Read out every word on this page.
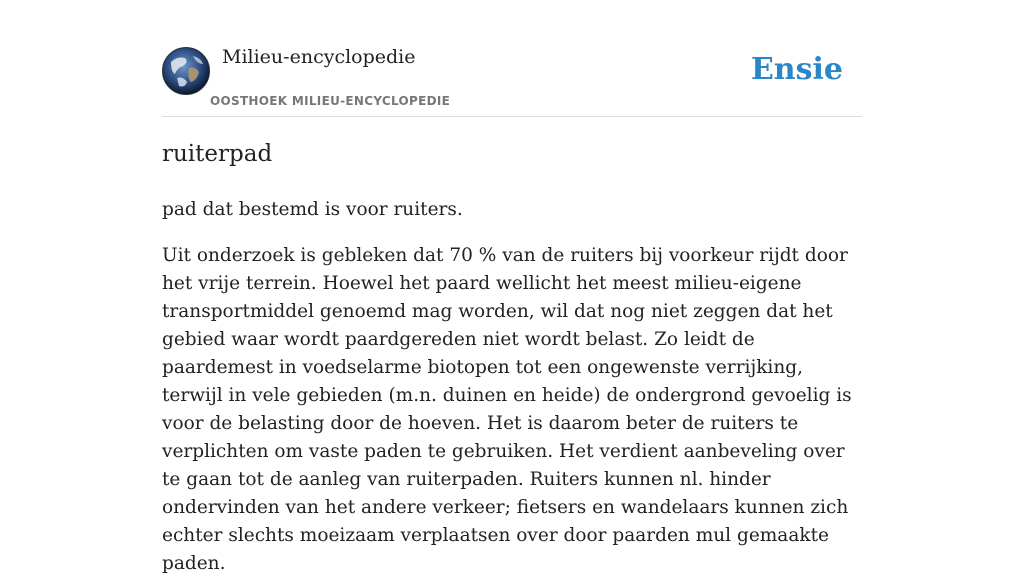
Milieu-encyclopedie
OOSTHOEK MILIEU-ENCYCLOPEDIE
Ensie
ruiterpad

pad dat bestemd is voor ruiters.

Uit onderzoek is gebleken dat 70 % van de ruiters bij voorkeur rijdt door het vrije terrein. Hoewel het paard wellicht het meest milieu-eigene transportmiddel genoemd mag worden, wil dat nog niet zeggen dat het gebied waar wordt paardgereden niet wordt belast. Zo leidt de paardemest in voedselarme biotopen tot een ongewenste verrijking, terwijl in vele gebieden (m.n. duinen en heide) de ondergrond gevoelig is voor de belasting door de hoeven. Het is daarom beter de ruiters te verplichten om vaste paden te gebruiken. Het verdient aanbeveling over te gaan tot de aanleg van ruiterpaden. Ruiters kunnen nl. hinder ondervinden van het andere verkeer; fietsers en wandelaars kunnen zich echter slechts moeizaam verplaatsen over door paarden mul gemaakte paden.
